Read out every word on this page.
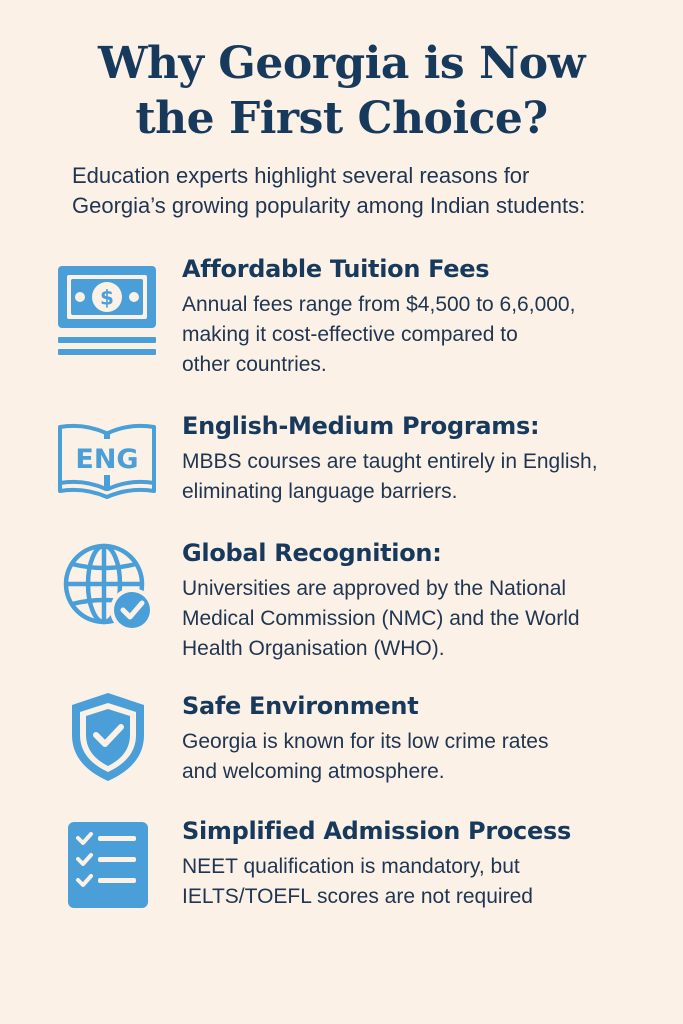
Why Georgia is Now
the First Choice?

Education experts highlight several reasons for
Georgia’s growing popularity among Indian students:

$
Affordable Tuition Fees
Annual fees range from $4,500 to 6,6,000,
making it cost-effective compared to
other countries.
ENG
English-Medium Programs:
MBBS courses are taught entirely in English,
eliminating language barriers.
Global Recognition:
Universities are approved by the National
Medical Commission (NMC) and the World
Health Organisation (WHO).
Safe Environment
Georgia is known for its low crime rates
and welcoming atmosphere.
Simplified Admission Process
NEET qualification is mandatory, but
IELTS/TOEFL scores are not required
